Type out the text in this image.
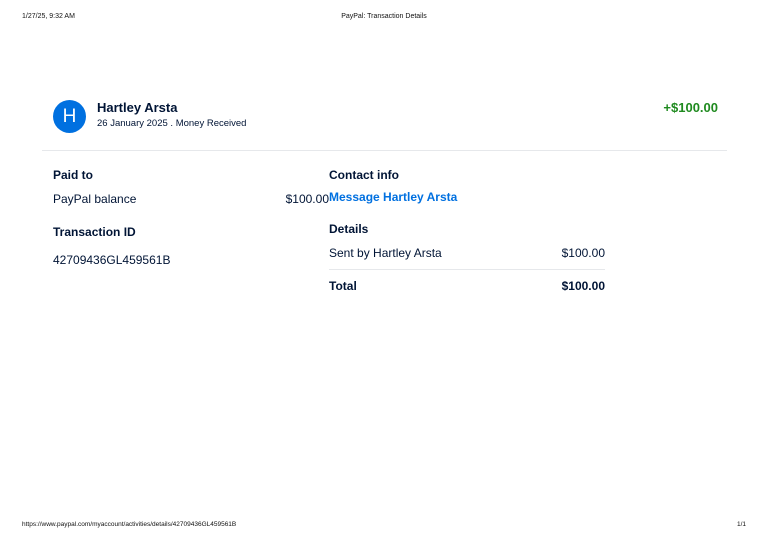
1/27/25, 9:32 AM	PayPal: Transaction Details
H Hartley Arsta
26 January 2025 . Money Received
+$100.00
Paid to
PayPal balance	$100.00
Transaction ID
42709436GL459561B
Contact info
Message Hartley Arsta
Details
Sent by Hartley Arsta	$100.00
Total	$100.00
https://www.paypal.com/myaccount/activities/details/42709436GL459561B	1/1
